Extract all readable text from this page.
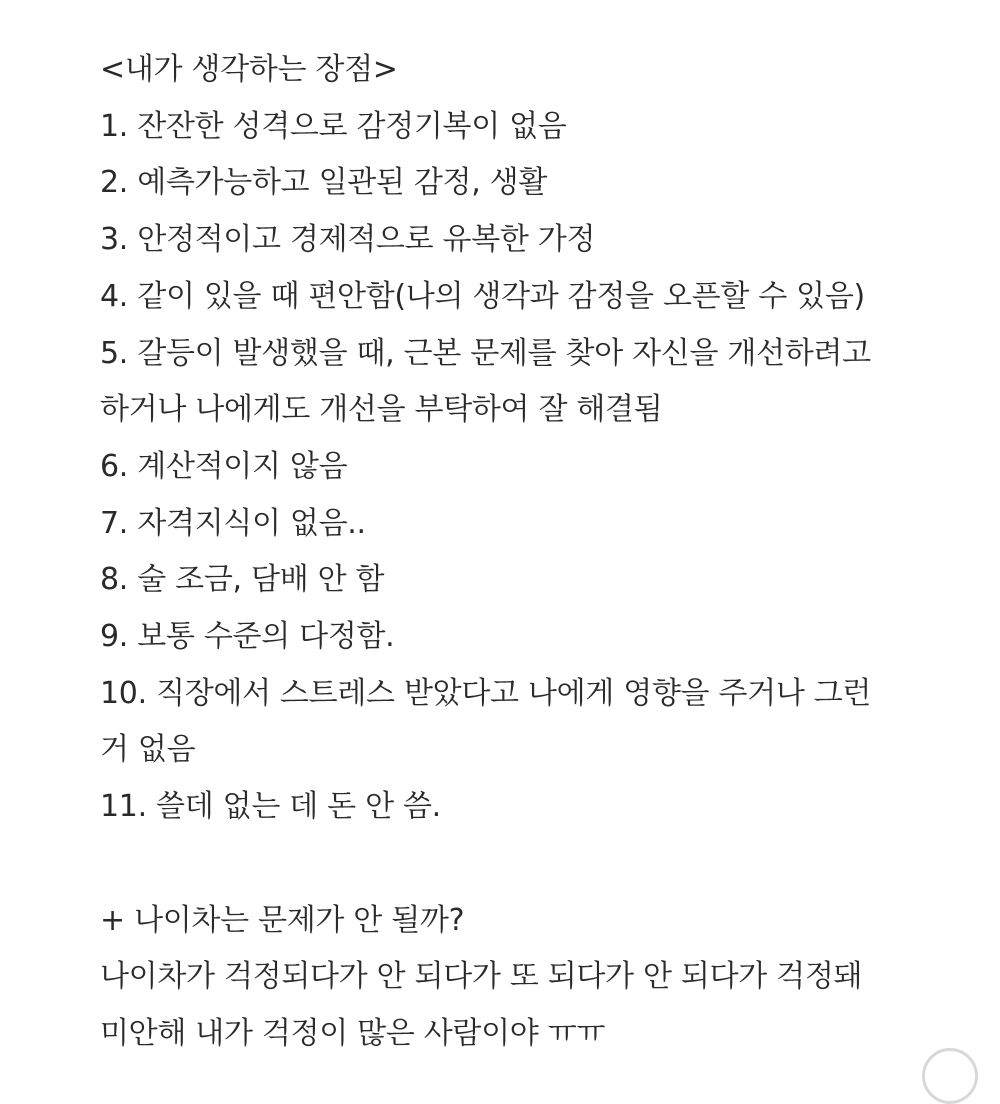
<내가 생각하는 장점>
1. 잔잔한 성격으로 감정기복이 없음
2. 예측가능하고 일관된 감정, 생활
3. 안정적이고 경제적으로 유복한 가정
4. 같이 있을 때 편안함(나의 생각과 감정을 오픈할 수 있음)
5. 갈등이 발생했을 때, 근본 문제를 찾아 자신을 개선하려고
하거나 나에게도 개선을 부탁하여 잘 해결됨
6. 계산적이지 않음
7. 자격지식이 없음..
8. 술 조금, 담배 안 함
9. 보통 수준의 다정함.
10. 직장에서 스트레스 받았다고 나에게 영향을 주거나 그런
거 없음
11. 쓸데 없는 데 돈 안 씀.
+ 나이차는 문제가 안 될까?
나이차가 걱정되다가 안 되다가 또 되다가 안 되다가 걱정돼
미안해 내가 걱정이 많은 사람이야 ㅠㅠ
